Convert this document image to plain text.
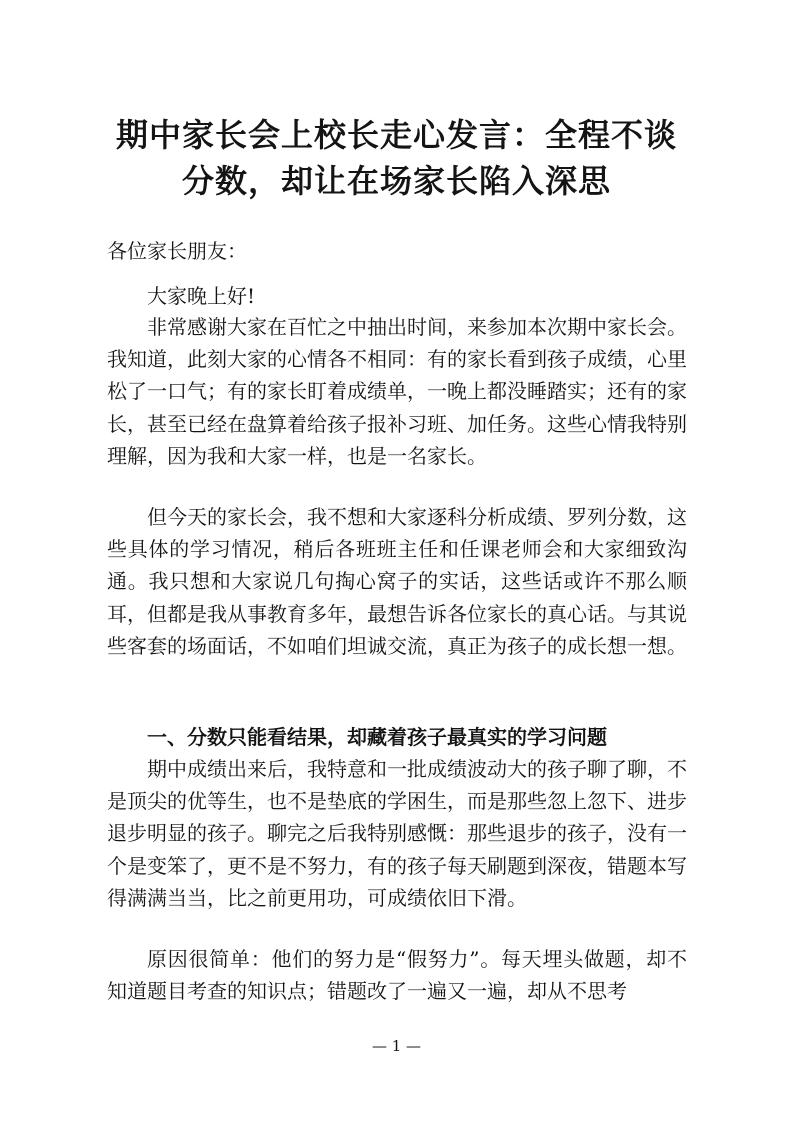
期中家长会上校长走心发言：全程不谈分数，却让在场家长陷入深思

各位家长朋友：

大家晚上好!

非常感谢大家在百忙之中抽出时间，来参加本次期中家长会。我知道，此刻大家的心情各不相同：有的家长看到孩子成绩，心里松了一口气；有的家长盯着成绩单，一晚上都没睡踏实；还有的家长，甚至已经在盘算着给孩子报补习班、加任务。这些心情我特别理解，因为我和大家一样，也是一名家长。

但今天的家长会，我不想和大家逐科分析成绩、罗列分数，这些具体的学习情况，稍后各班班主任和任课老师会和大家细致沟通。我只想和大家说几句掏心窝子的实话，这些话或许不那么顺耳，但都是我从事教育多年，最想告诉各位家长的真心话。与其说些客套的场面话，不如咱们坦诚交流，真正为孩子的成长想一想。

一、分数只能看结果，却藏着孩子最真实的学习问题

期中成绩出来后，我特意和一批成绩波动大的孩子聊了聊，不是顶尖的优等生，也不是垫底的学困生，而是那些忽上忽下、进步退步明显的孩子。聊完之后我特别感慨：那些退步的孩子，没有一个是变笨了，更不是不努力，有的孩子每天刷题到深夜，错题本写得满满当当，比之前更用功，可成绩依旧下滑。

原因很简单：他们的努力是“假努力”。每天埋头做题，却不知道题目考查的知识点；错题改了一遍又一遍，却从不思考

— 1 —
